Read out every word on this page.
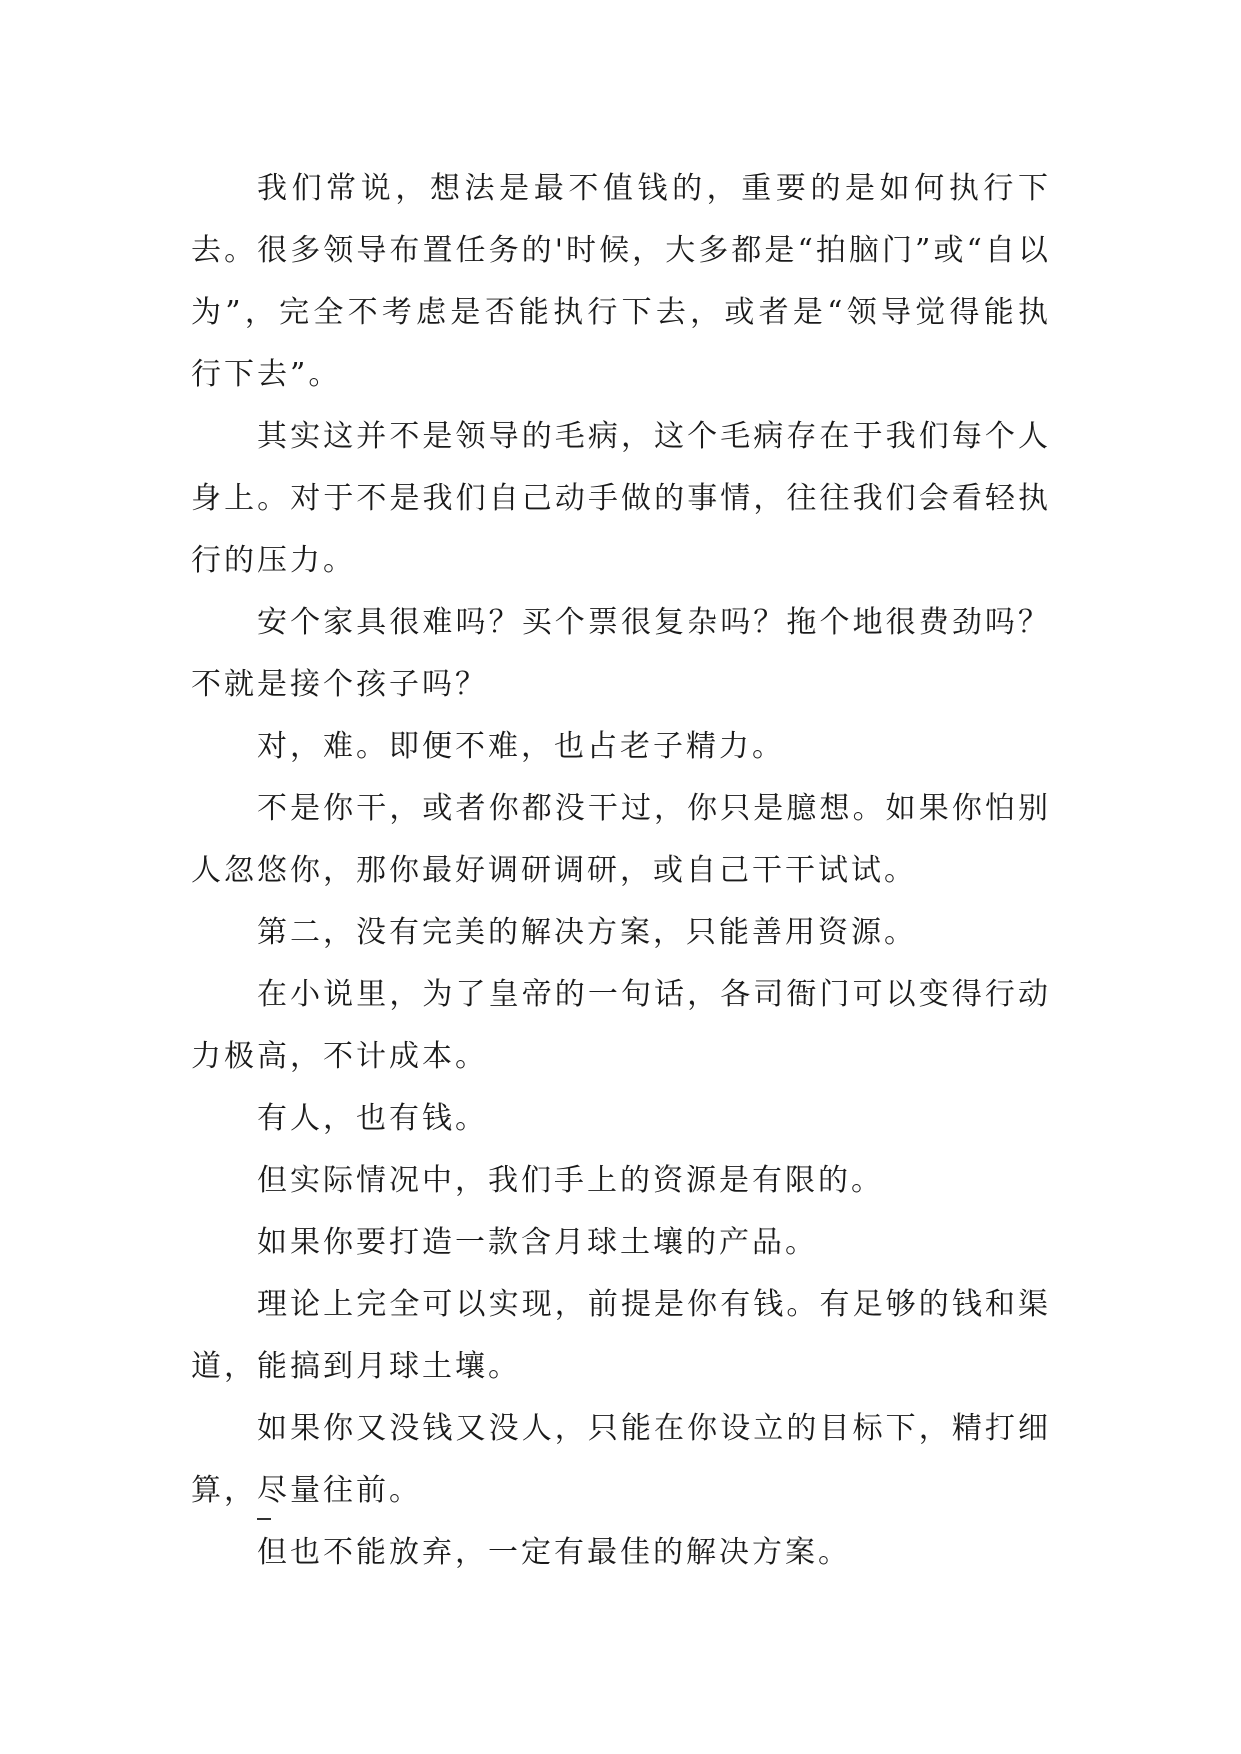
我们常说，想法是最不值钱的，重要的是如何执行下去。很多领导布置任务的'时候，大多都是“拍脑门”或“自以为”，完全不考虑是否能执行下去，或者是“领导觉得能执行下去”。

其实这并不是领导的毛病，这个毛病存在于我们每个人身上。对于不是我们自己动手做的事情，往往我们会看轻执行的压力。

安个家具很难吗？买个票很复杂吗？拖个地很费劲吗？不就是接个孩子吗？

对，难。即便不难，也占老子精力。

不是你干，或者你都没干过，你只是臆想。如果你怕别人忽悠你，那你最好调研调研，或自己干干试试。

第二，没有完美的解决方案，只能善用资源。

在小说里，为了皇帝的一句话，各司衙门可以变得行动力极高，不计成本。

有人，也有钱。

但实际情况中，我们手上的资源是有限的。

如果你要打造一款含月球土壤的产品。

理论上完全可以实现，前提是你有钱。有足够的钱和渠道，能搞到月球土壤。

如果你又没钱又没人，只能在你设立的目标下，精打细算，尽量往前。

但也不能放弃，一定有最佳的解决方案。
